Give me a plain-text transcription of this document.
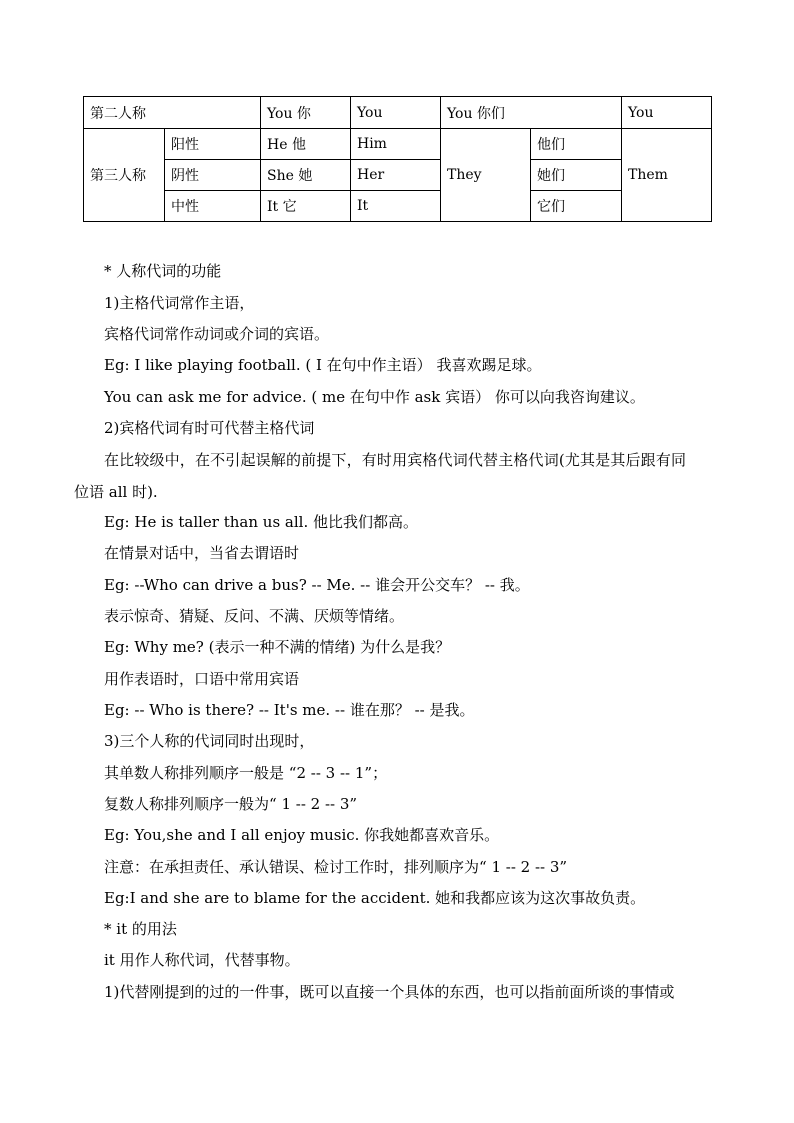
第二人称		You 你	You	You 你们		You
第三人称	阳性	He 他	Him	They	他们	Them
	阴性	She 她	Her		她们	
	中性	It 它	It		它们	
* 人称代词的功能
1)主格代词常作主语，
宾格代词常作动词或介词的宾语。
Eg: I like playing football. ( I 在句中作主语） 我喜欢踢足球。
You can ask me for advice. ( me 在句中作 ask 宾语） 你可以向我咨询建议。
2)宾格代词有时可代替主格代词
在比较级中，在不引起误解的前提下，有时用宾格代词代替主格代词(尤其是其后跟有同位语 all 时).
Eg: He is taller than us all. 他比我们都高。
在情景对话中，当省去谓语时
Eg: --Who can drive a bus? -- Me. -- 谁会开公交车？ -- 我。
表示惊奇、猜疑、反问、不满、厌烦等情绪。
Eg: Why me? (表示一种不满的情绪) 为什么是我？
用作表语时，口语中常用宾语
Eg: -- Who is there? -- It's me. -- 谁在那？ -- 是我。
3)三个人称的代词同时出现时，
其单数人称排列顺序一般是 “2 -- 3 -- 1”；
复数人称排列顺序一般为“ 1 -- 2 -- 3”
Eg: You,she and I all enjoy music. 你我她都喜欢音乐。
注意：在承担责任、承认错误、检讨工作时，排列顺序为“ 1 -- 2 -- 3”
Eg:I and she are to blame for the accident. 她和我都应该为这次事故负责。
* it 的用法
it 用作人称代词，代替事物。
1)代替刚提到的过的一件事，既可以直接一个具体的东西，也可以指前面所谈的事情或
